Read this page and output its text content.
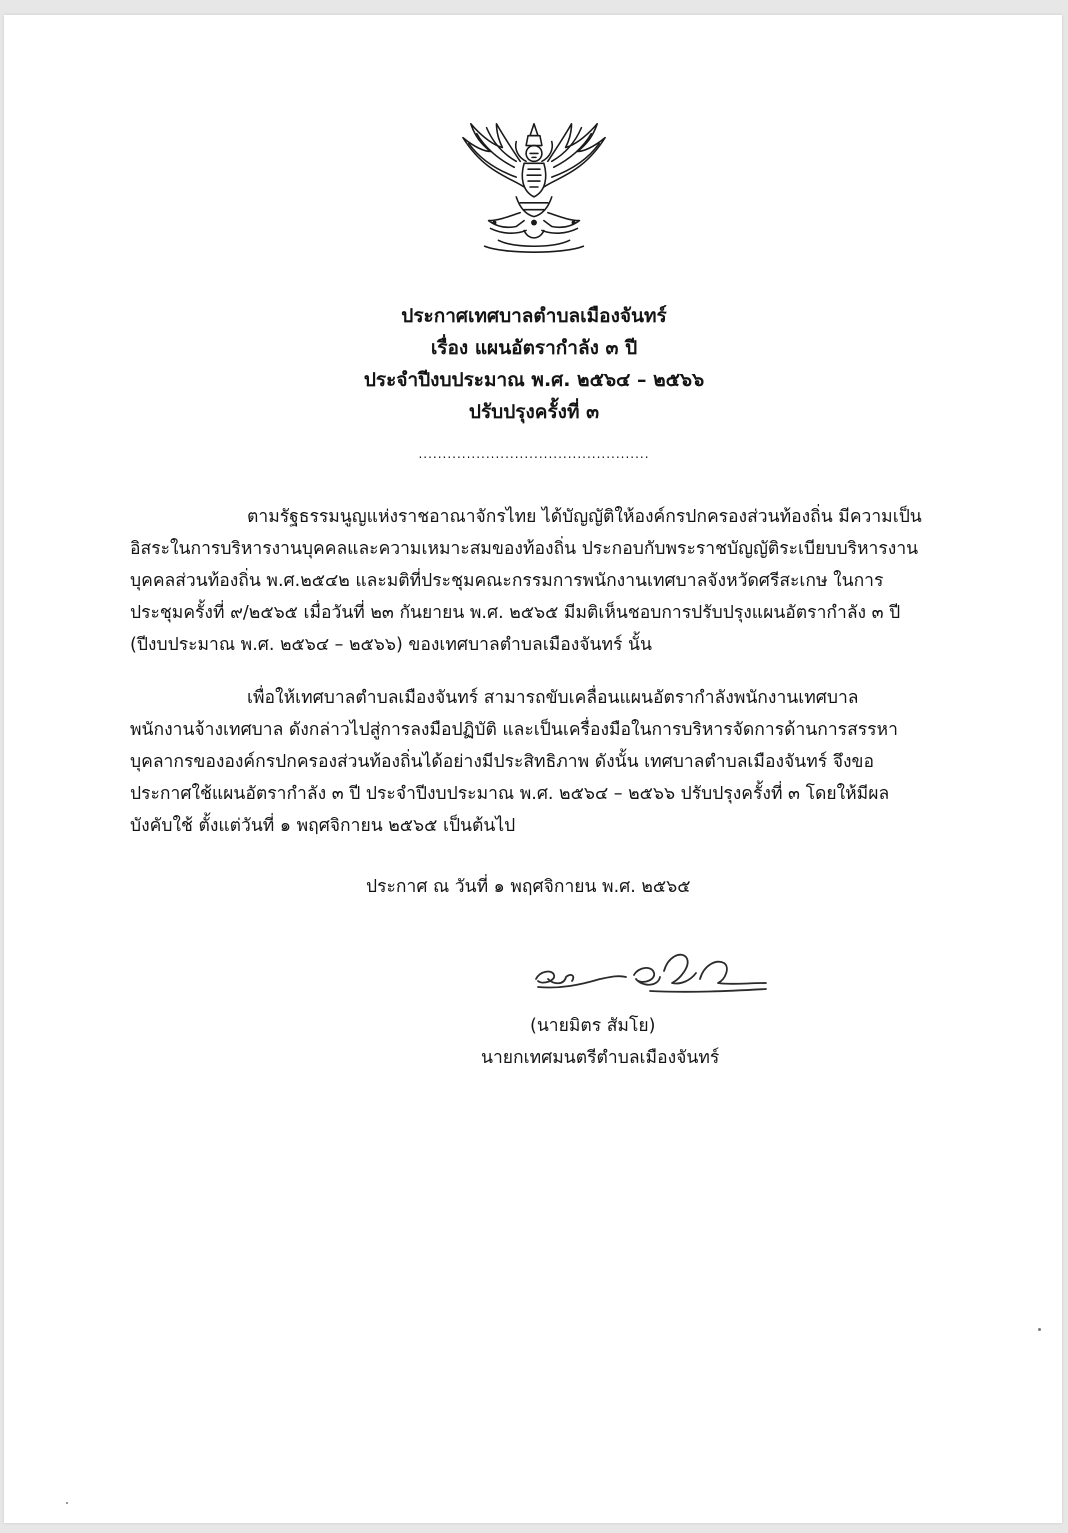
ประกาศเทศบาลตำบลเมืองจันทร์
เรื่อง แผนอัตรากำลัง ๓ ปี
ประจำปีงบประมาณ พ.ศ. ๒๕๖๔ – ๒๕๖๖
ปรับปรุงครั้งที่ ๓
................................................
ตามรัฐธรรมนูญแห่งราชอาณาจักรไทย ได้บัญญัติให้องค์กรปกครองส่วนท้องถิ่น มีความเป็น
อิสระในการบริหารงานบุคคลและความเหมาะสมของท้องถิ่น ประกอบกับพระราชบัญญัติระเบียบบริหารงาน
บุคคลส่วนท้องถิ่น พ.ศ.๒๕๔๒ และมติที่ประชุมคณะกรรมการพนักงานเทศบาลจังหวัดศรีสะเกษ ในการ
ประชุมครั้งที่ ๙/๒๕๖๕ เมื่อวันที่ ๒๓ กันยายน พ.ศ. ๒๕๖๕ มีมติเห็นชอบการปรับปรุงแผนอัตรากำลัง ๓ ปี
(ปีงบประมาณ พ.ศ. ๒๕๖๔ – ๒๕๖๖) ของเทศบาลตำบลเมืองจันทร์ นั้น
เพื่อให้เทศบาลตำบลเมืองจันทร์ สามารถขับเคลื่อนแผนอัตรากำลังพนักงานเทศบาล
พนักงานจ้างเทศบาล ดังกล่าวไปสู่การลงมือปฏิบัติ และเป็นเครื่องมือในการบริหารจัดการด้านการสรรหา
บุคลากรขององค์กรปกครองส่วนท้องถิ่นได้อย่างมีประสิทธิภาพ ดังนั้น เทศบาลตำบลเมืองจันทร์ จึงขอ
ประกาศใช้แผนอัตรากำลัง ๓ ปี ประจำปีงบประมาณ พ.ศ. ๒๕๖๔ – ๒๕๖๖ ปรับปรุงครั้งที่ ๓ โดยให้มีผล
บังคับใช้ ตั้งแต่วันที่ ๑ พฤศจิกายน ๒๕๖๕ เป็นต้นไป
ประกาศ ณ วันที่ ๑ พฤศจิกายน พ.ศ. ๒๕๖๕
(นายมิตร สัมโย)
นายกเทศมนตรีตำบลเมืองจันทร์
